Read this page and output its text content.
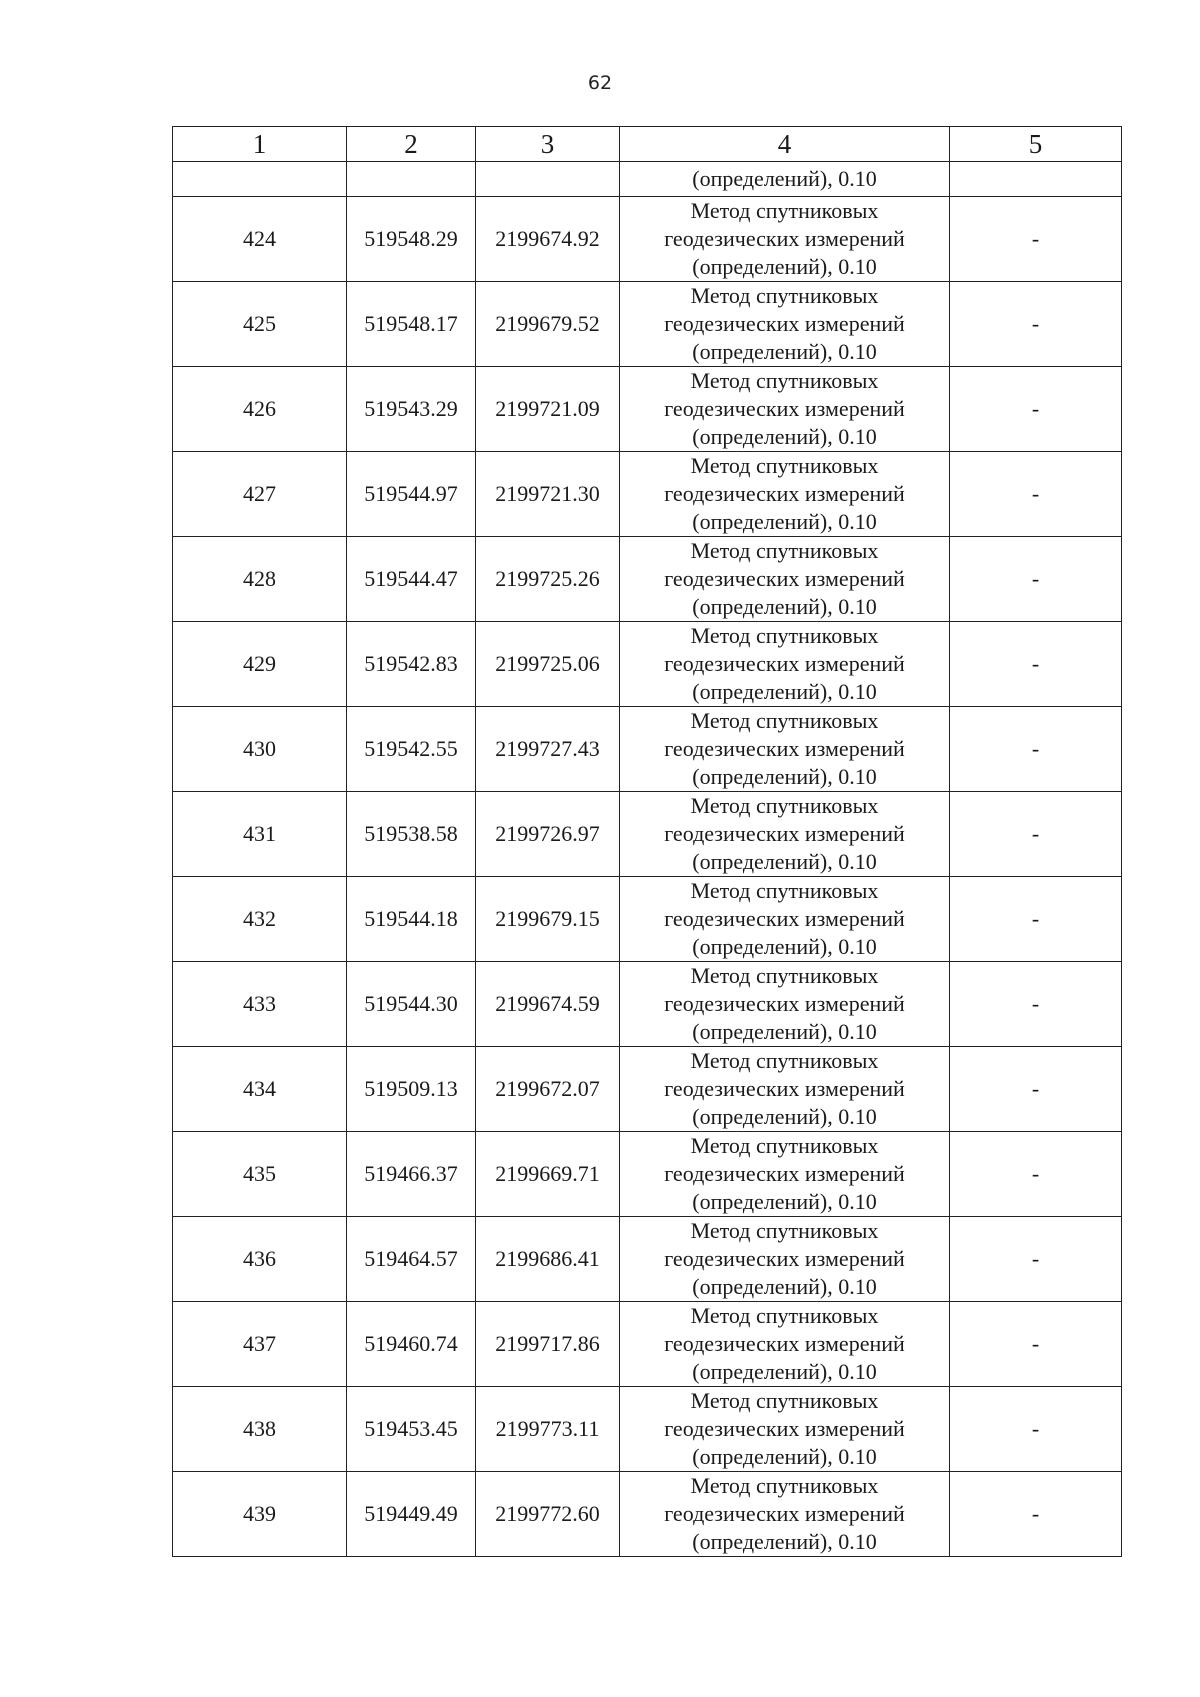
62
1	2	3	4	5
			(определений), 0.10	
424	519548.29	2199674.92	Метод спутниковых
геодезических измерений
(определений), 0.10	-
425	519548.17	2199679.52	Метод спутниковых
геодезических измерений
(определений), 0.10	-
426	519543.29	2199721.09	Метод спутниковых
геодезических измерений
(определений), 0.10	-
427	519544.97	2199721.30	Метод спутниковых
геодезических измерений
(определений), 0.10	-
428	519544.47	2199725.26	Метод спутниковых
геодезических измерений
(определений), 0.10	-
429	519542.83	2199725.06	Метод спутниковых
геодезических измерений
(определений), 0.10	-
430	519542.55	2199727.43	Метод спутниковых
геодезических измерений
(определений), 0.10	-
431	519538.58	2199726.97	Метод спутниковых
геодезических измерений
(определений), 0.10	-
432	519544.18	2199679.15	Метод спутниковых
геодезических измерений
(определений), 0.10	-
433	519544.30	2199674.59	Метод спутниковых
геодезических измерений
(определений), 0.10	-
434	519509.13	2199672.07	Метод спутниковых
геодезических измерений
(определений), 0.10	-
435	519466.37	2199669.71	Метод спутниковых
геодезических измерений
(определений), 0.10	-
436	519464.57	2199686.41	Метод спутниковых
геодезических измерений
(определений), 0.10	-
437	519460.74	2199717.86	Метод спутниковых
геодезических измерений
(определений), 0.10	-
438	519453.45	2199773.11	Метод спутниковых
геодезических измерений
(определений), 0.10	-
439	519449.49	2199772.60	Метод спутниковых
геодезических измерений
(определений), 0.10	-
